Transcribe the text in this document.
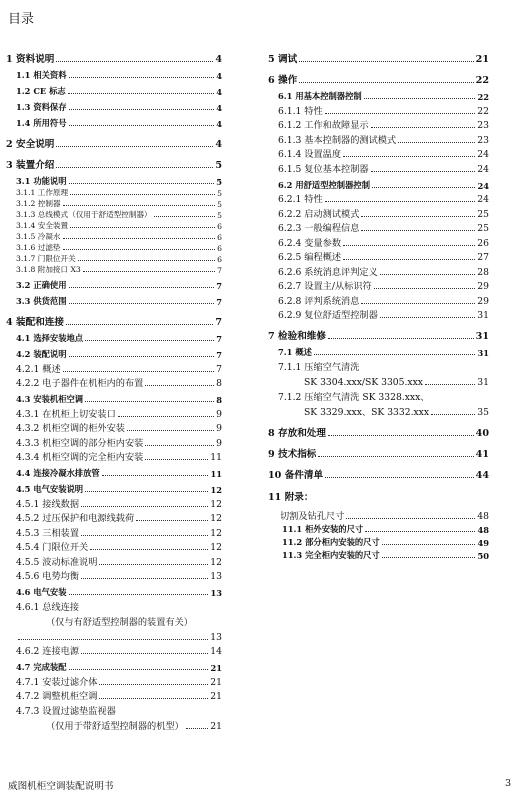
目录
1 资料说明	4
1.1 相关资料	4
1.2 CE 标志	4
1.3 资料保存	4
1.4 所用符号	4
2 安全说明	4
3 装置介绍	5
3.1 功能说明	5
3.1.1 工作原理	5
3.1.2 控制器	5
3.1.3 总线模式（仅用于舒适型控制器）	5
3.1.4 安全装置	6
3.1.5 冷凝水	6
3.1.6 过滤垫	6
3.1.7 门限位开关	6
3.1.8 附加接口 X3	7
3.2 正确使用	7
3.3 供货范围	7
4 装配和连接	7
4.1 选择安装地点	7
4.2 装配说明	7
4.2.1 概述	7
4.2.2 电子器件在机柜内的布置	8
4.3 安装机柜空调	8
4.3.1 在机柜上切安装口	9
4.3.2 机柜空调的柜外安装	9
4.3.3 机柜空调的部分柜内安装	9
4.3.4 机柜空调的完全柜内安装	11
4.4 连接冷凝水排放管	11
4.5 电气安装说明	12
4.5.1 接线数据	12
4.5.2 过压保护和电源线载荷	12
4.5.3 三相装置	12
4.5.4 门限位开关	12
4.5.5 波动标准说明	12
4.5.6 电势均衡	13
4.6 电气安装	13
4.6.1 总线连接
（仅与有舒适型控制器的装置有关）
13
4.6.2 连接电源	14
4.7 完成装配	21
4.7.1 安装过滤介体	21
4.7.2 调整机柜空调	21
4.7.3 设置过滤垫监视器
（仅用于带舒适型控制器的机型）	21
5 调试	21
6 操作	22
6.1 用基本控制器控制	22
6.1.1 特性	22
6.1.2 工作和故障显示	23
6.1.3 基本控制器的测试模式	23
6.1.4 设置温度	24
6.1.5 复位基本控制器	24
6.2 用舒适型控制器控制	24
6.2.1 特性	24
6.2.2 启动测试模式	25
6.2.3 一般编程信息	25
6.2.4 变量参数	26
6.2.5 编程概述	27
6.2.6 系统消息评判定义	28
6.2.7 设置主/从标识符	29
6.2.8 评判系统消息	29
6.2.9 复位舒适型控制器	31
7 检验和维修	31
7.1 概述	31
7.1.1 压缩空气清洗
SK 3304.xxx/SK 3305.xxx	31
7.1.2 压缩空气清洗 SK 3328.xxx、
SK 3329.xxx、SK 3332.xxx	35
8 存放和处理	40
9 技术指标	41
10 备件清单	44
11 附录：
切割及钻孔尺寸	48
11.1 柜外安装的尺寸	48
11.2 部分柜内安装的尺寸	49
11.3 完全柜内安装的尺寸	50
威图机柜空调装配说明书	3
